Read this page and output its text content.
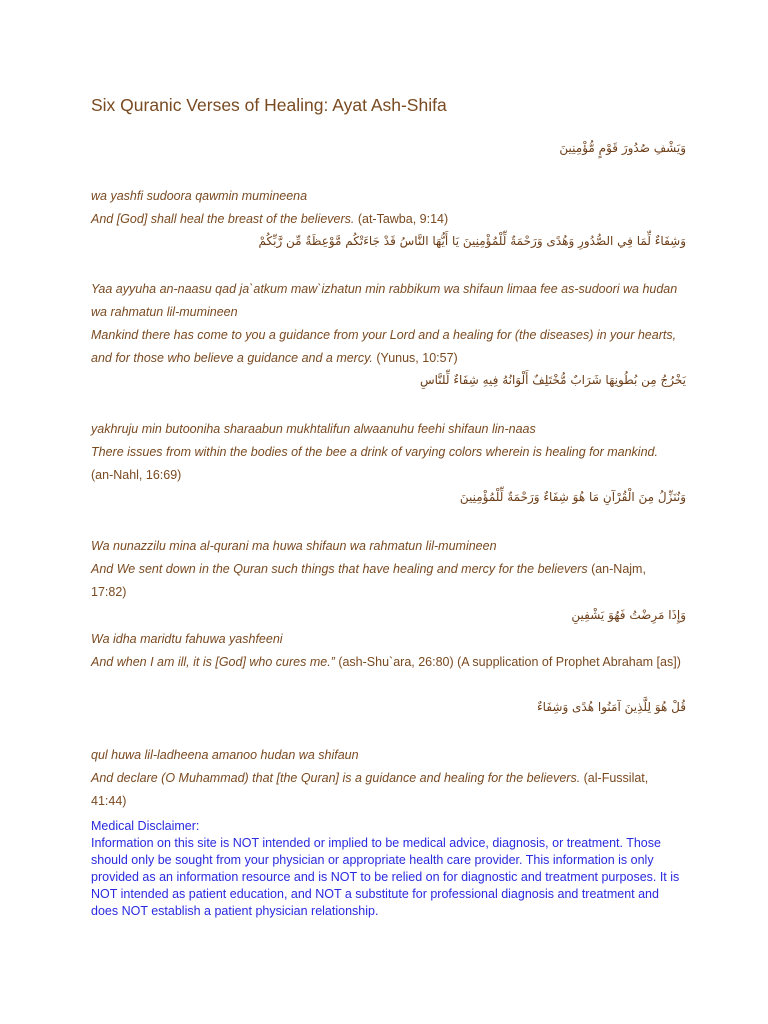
Six Quranic Verses of Healing: Ayat Ash-Shifa
وَيَشْفِ صُدُورَ قَوْمٍ مُّؤْمِنِينَ
wa yashfi sudoora qawmin mumineena
And [God] shall heal the breast of the believers. (at-Tawba, 9:14)
وَشِفَاءٌ لِّمَا فِي الصُّدُورِ وَهُدًى وَرَحْمَةٌ لِّلْمُؤْمِنِينَ يَا أَيُّهَا النَّاسُ قَدْ جَاءَتْكُم مَّوْعِظَةٌ مِّن رَّبِّكُمْ
Yaa ayyuha an-naasu qad ja`atkum maw`izhatun min rabbikum wa shifaun limaa fee as-sudoori wa hudan wa rahmatun lil-mumineen
Mankind there has come to you a guidance from your Lord and a healing for (the diseases) in your hearts, and for those who believe a guidance and a mercy. (Yunus, 10:57)
يَخْرُجُ مِن بُطُونِهَا شَرَابٌ مُّخْتَلِفٌ أَلْوَانُهُ فِيهِ شِفَاءٌ لِّلنَّاسِ
yakhruju min butooniha sharaabun mukhtalifun alwaanuhu feehi shifaun lin-naas
There issues from within the bodies of the bee a drink of varying colors wherein is healing for mankind. (an-Nahl, 16:69)
وَنُنَزِّلُ مِنَ الْقُرْآنِ مَا هُوَ شِفَاءٌ وَرَحْمَةٌ لِّلْمُؤْمِنِينَ
Wa nunazzilu mina al-qurani ma huwa shifaun wa rahmatun lil-mumineen
And We sent down in the Quran such things that have healing and mercy for the believers (an-Najm, 17:82)
وَإِذَا مَرِضْتُ فَهُوَ يَشْفِينِ
Wa idha maridtu fahuwa yashfeeni
And when I am ill, it is [God] who cures me.” (ash-Shu`ara, 26:80) (A supplication of Prophet Abraham [as])
قُلْ هُوَ لِلَّذِينَ آمَنُوا هُدًى وَشِفَاءٌ
qul huwa lil-ladheena amanoo hudan wa shifaun
And declare (O Muhammad) that [the Quran] is a guidance and healing for the believers. (al-Fussilat, 41:44)
Medical Disclaimer:
Information on this site is NOT intended or implied to be medical advice, diagnosis, or treatment. Those should only be sought from your physician or appropriate health care provider. This information is only provided as an information resource and is NOT to be relied on for diagnostic and treatment purposes. It is NOT intended as patient education, and NOT a substitute for professional diagnosis and treatment and does NOT establish a patient physician relationship.
